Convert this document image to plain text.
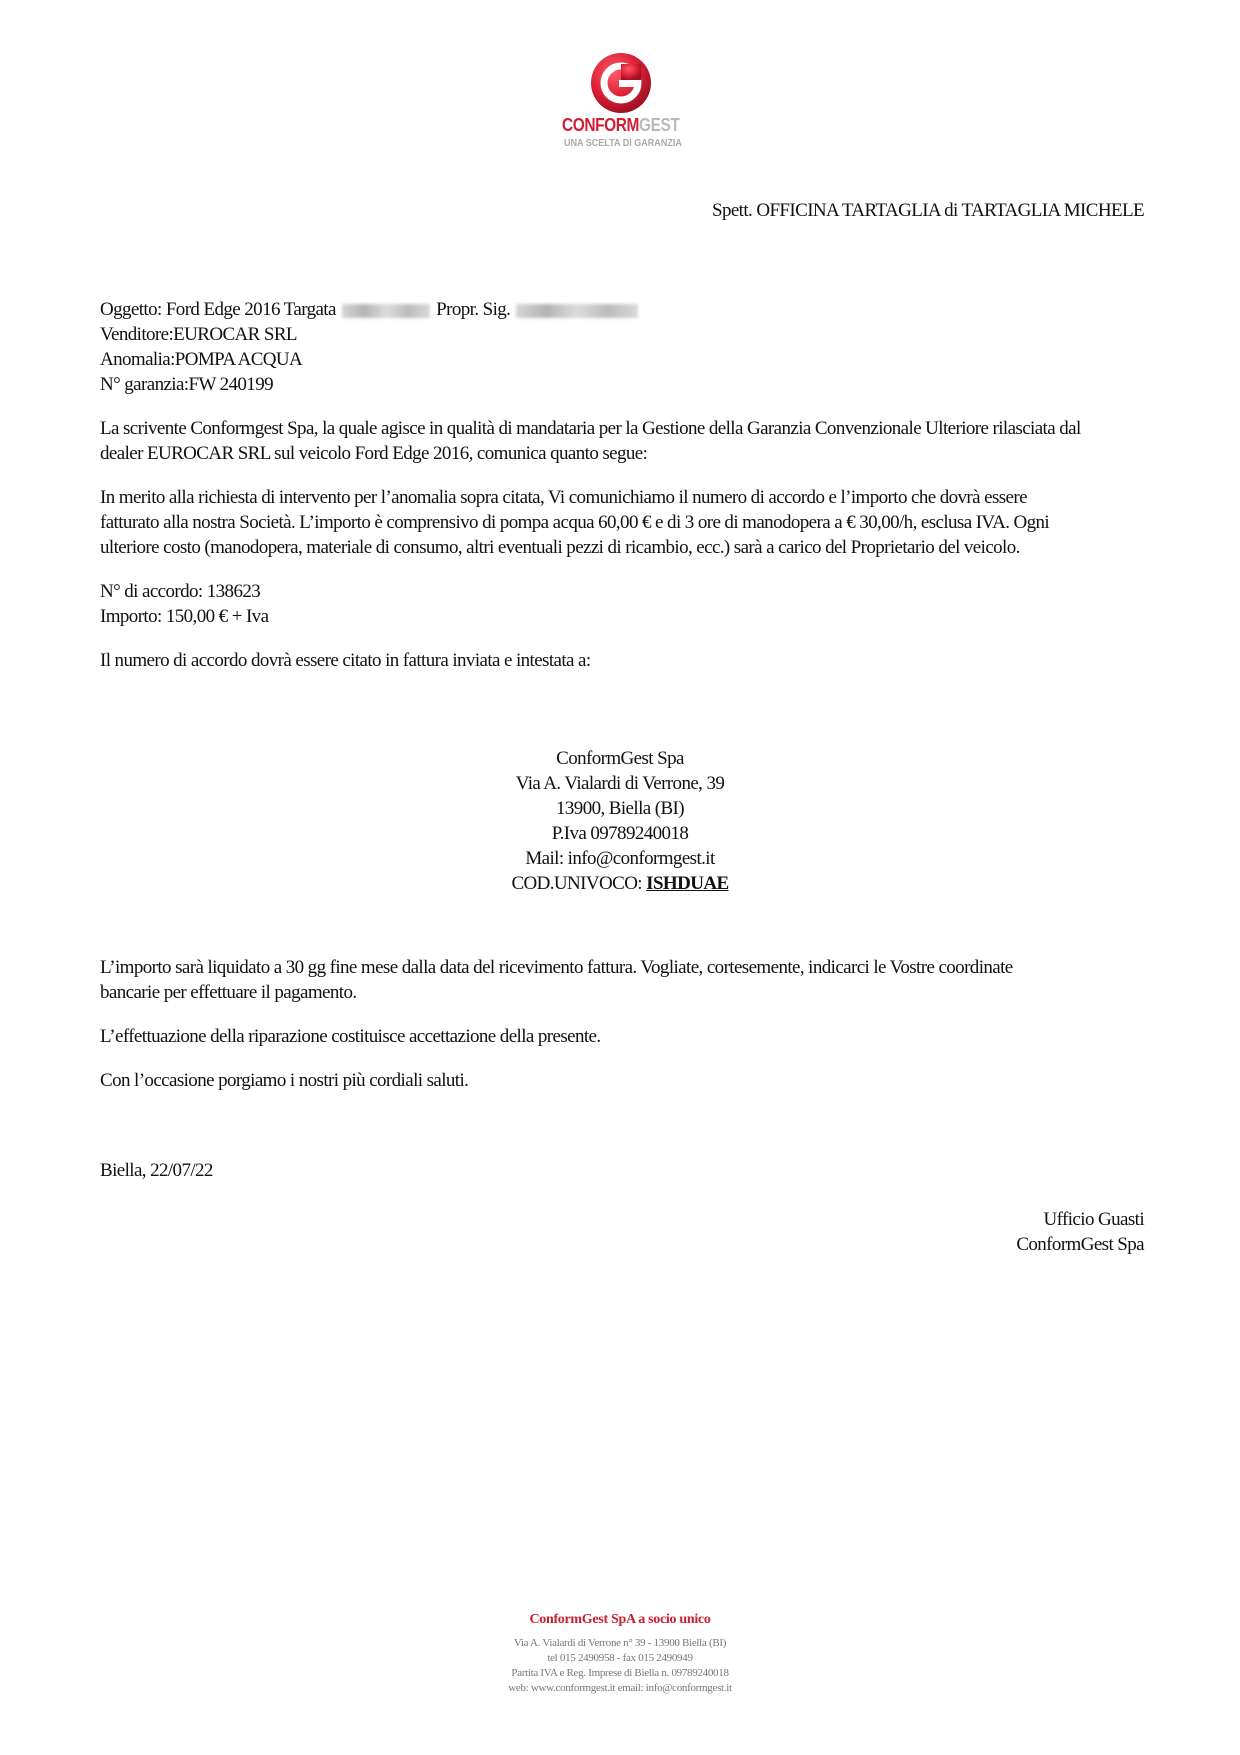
CONFORMGEST
UNA SCELTA DI GARANZIA
Spett. OFFICINA TARTAGLIA di TARTAGLIA MICHELE

Oggetto: Ford Edge 2016 Targata	Propr. Sig.
Venditore:EUROCAR SRL
Anomalia:POMPA ACQUA
N° garanzia:FW 240199

La scrivente Conformgest Spa, la quale agisce in qualità di mandataria per la Gestione della Garanzia Convenzionale Ulteriore rilasciata dal
dealer EUROCAR SRL sul veicolo Ford Edge 2016, comunica quanto segue:

In merito alla richiesta di intervento per l’anomalia sopra citata, Vi comunichiamo il numero di accordo e l’importo che dovrà essere
fatturato alla nostra Società. L’importo è comprensivo di pompa acqua 60,00 € e di 3 ore di manodopera a € 30,00/h, esclusa IVA. Ogni
ulteriore costo (manodopera, materiale di consumo, altri eventuali pezzi di ricambio, ecc.) sarà a carico del Proprietario del veicolo.

N° di accordo: 138623
Importo: 150,00 € + Iva

Il numero di accordo dovrà essere citato in fattura inviata e intestata a:

ConformGest Spa
Via A. Vialardi di Verrone, 39
13900, Biella (BI)
P.Iva 09789240018
Mail: info@conformgest.it
COD.UNIVOCO: ISHDUAE

L’importo sarà liquidato a 30 gg fine mese dalla data del ricevimento fattura. Vogliate, cortesemente, indicarci le Vostre coordinate
bancarie per effettuare il pagamento.

L’effettuazione della riparazione costituisce accettazione della presente.

Con l’occasione porgiamo i nostri più cordiali saluti.

Biella, 22/07/22
Ufficio Guasti
ConformGest Spa
ConformGest SpA a socio unico
Via A. Vialardi di Verrone n° 39 - 13900 Biella (BI)
tel 015 2490958 - fax 015 2490949
Partita IVA e Reg. Imprese di Biella n. 09789240018
web: www.conformgest.it email: info@conformgest.it
